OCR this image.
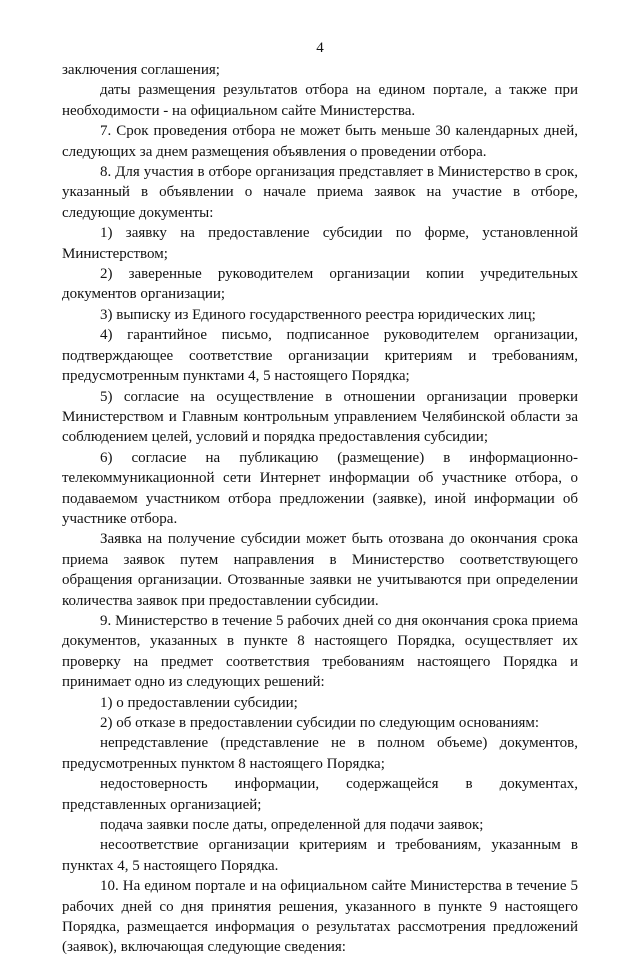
4

заключения соглашения;

даты размещения результатов отбора на едином портале, а также при необходимости - на официальном сайте Министерства.

7. Срок проведения отбора не может быть меньше 30 календарных дней, следующих за днем размещения объявления о проведении отбора.

8. Для участия в отборе организация представляет в Министерство в срок, указанный в объявлении о начале приема заявок на участие в отборе, следующие документы:

1) заявку на предоставление субсидии по форме, установленной Министерством;

2) заверенные руководителем организации копии учредительных документов организации;

3) выписку из Единого государственного реестра юридических лиц;

4) гарантийное письмо, подписанное руководителем организации, подтверждающее соответствие организации критериям и требованиям, предусмотренным пунктами 4, 5 настоящего Порядка;

5) согласие на осуществление в отношении организации проверки Министерством и Главным контрольным управлением Челябинской области за соблюдением целей, условий и порядка предоставления субсидии;

6) согласие на публикацию (размещение) в информационно-телекоммуникационной сети Интернет информации об участнике отбора, о подаваемом участником отбора предложении (заявке), иной информации об участнике отбора.

Заявка на получение субсидии может быть отозвана до окончания срока приема заявок путем направления в Министерство соответствующего обращения организации. Отозванные заявки не учитываются при определении количества заявок при предоставлении субсидии.

9. Министерство в течение 5 рабочих дней со дня окончания срока приема документов, указанных в пункте 8 настоящего Порядка, осуществляет их проверку на предмет соответствия требованиям настоящего Порядка и принимает одно из следующих решений:

1) о предоставлении субсидии;

2) об отказе в предоставлении субсидии по следующим основаниям:

непредставление (представление не в полном объеме) документов, предусмотренных пунктом 8 настоящего Порядка;

недостоверность информации, содержащейся в документах, представленных организацией;

подача заявки после даты, определенной для подачи заявок;

несоответствие организации критериям и требованиям, указанным в пунктах 4, 5 настоящего Порядка.

10. На едином портале и на официальном сайте Министерства в течение 5 рабочих дней со дня принятия решения, указанного в пункте 9 настоящего Порядка, размещается информация о результатах рассмотрения предложений (заявок), включающая следующие сведения:
